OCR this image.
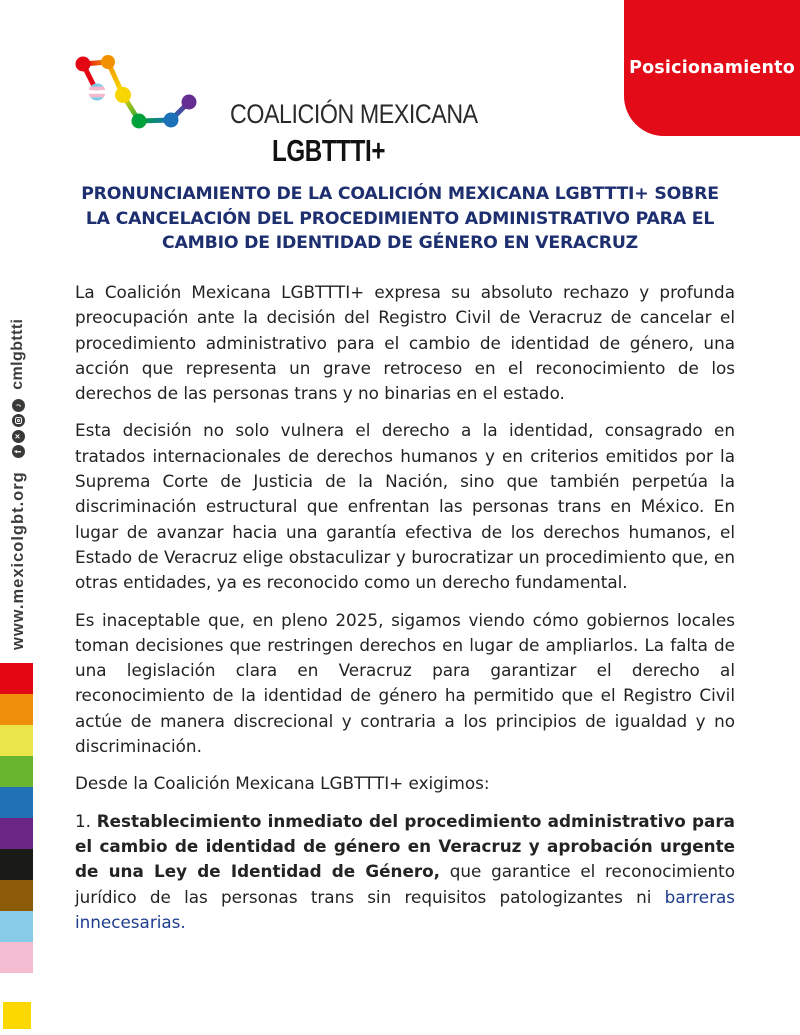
Posicionamiento
COALICIÓN MEXICANA
LGBTTTI+
PRONUNCIAMIENTO DE LA COALICIÓN MEXICANA LGBTTTI+ SOBRE
LA CANCELACIÓN DEL PROCEDIMIENTO ADMINISTRATIVO PARA EL
CAMBIO DE IDENTIDAD DE GÉNERO EN VERACRUZ

La Coalición Mexicana LGBTTTI+ expresa su absoluto rechazo y profunda preocupación ante la decisión del Registro Civil de Veracruz de cancelar el procedimiento administrativo para el cambio de identidad de género, una acción que representa un grave retroceso en el reconocimiento de los derechos de las personas trans y no binarias en el estado.

Esta decisión no solo vulnera el derecho a la identidad, consagrado en tratados internacionales de derechos humanos y en criterios emitidos por la Suprema Corte de Justicia de la Nación, sino que también perpetúa la discriminación estructural que enfrentan las personas trans en México. En lugar de avanzar hacia una garantía efectiva de los derechos humanos, el Estado de Veracruz elige obstaculizar y burocratizar un procedimiento que, en otras entidades, ya es reconocido como un derecho fundamental.

Es inaceptable que, en pleno 2025, sigamos viendo cómo gobiernos locales toman decisiones que restringen derechos en lugar de ampliarlos. La falta de una legislación clara en Veracruz para garantizar el derecho al reconocimiento de la identidad de género ha permitido que el Registro Civil actúe de manera discrecional y contraria a los principios de igualdad y no discriminación.

Desde la Coalición Mexicana LGBTTTI+ exigimos:

1. Restablecimiento inmediato del procedimiento administrativo para el cambio de identidad de género en Veracruz y aprobación urgente de una Ley de Identidad de Género, que garantice el reconocimiento jurídico de las personas trans sin requisitos patologizantes ni barreras innecesarias.

www.mexicolgbt.org
f
✕
♪
cmlgbttti
